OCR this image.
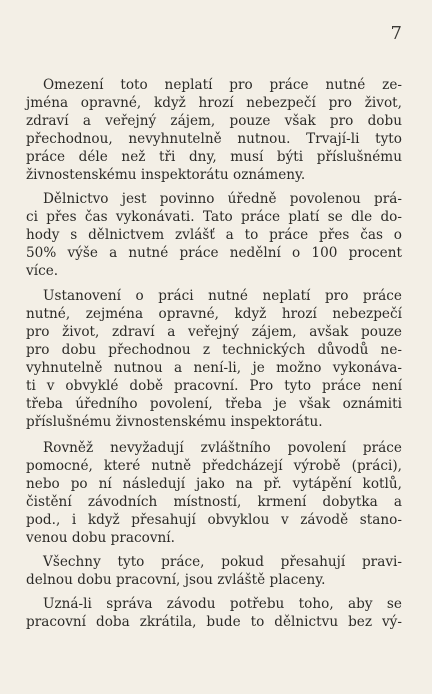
7

Omezení toto neplatí pro práce nutné ze-
jména opravné, když hrozí nebezpečí pro život,
zdraví a veřejný zájem, pouze však pro dobu
přechodnou, nevyhnutelně nutnou. Trvají-li tyto
práce déle než tři dny, musí býti příslušnému
živnostenskému inspektorátu oznámeny.

Dělnictvo jest povinno úředně povolenou prá-
ci přes čas vykonávati. Tato práce platí se dle do-
hody s dělnictvem zvlášť a to práce přes čas o
50% výše a nutné práce nedělní o 100 procent
více.

Ustanovení o práci nutné neplatí pro práce
nutné, zejména opravné, když hrozí nebezpečí
pro život, zdraví a veřejný zájem, avšak pouze
pro dobu přechodnou z technických důvodů ne-
vyhnutelně nutnou a není-li, je možno vykonáva-
ti v obvyklé době pracovní. Pro tyto práce není
třeba úředního povolení, třeba je však oznámiti
příslušnému živnostenskému inspektorátu.

Rovněž nevyžadují zvláštního povolení práce
pomocné, které nutně předcházejí výrobě (práci),
nebo po ní následují jako na př. vytápění kotlů,
čistění závodních místností, krmení dobytka a
pod., i když přesahují obvyklou v závodě stano-
venou dobu pracovní.

Všechny tyto práce, pokud přesahují pravi-
delnou dobu pracovní, jsou zvláště placeny.

Uzná-li správa závodu potřebu toho, aby se
pracovní doba zkrátila, bude to dělnictvu bez vý-
